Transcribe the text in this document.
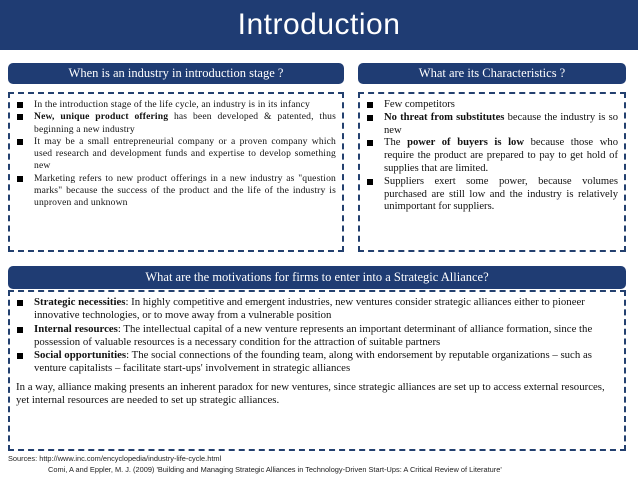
Introduction
When is an industry in introduction stage ?
In the introduction stage of the life cycle, an industry is in its infancy
New, unique product offering has been developed & patented, thus beginning a new industry
It may be a small entrepreneurial company or a proven company which used research and development funds and expertise to develop something new
Marketing refers to new product offerings in a new industry as "question marks" because the success of the product and the life of the industry is unproven and unknown
What are its Characteristics ?
Few competitors
No threat from substitutes because the industry is so new
The power of buyers is low because those who require the product are prepared to pay to get hold of supplies that are limited.
Suppliers exert some power, because volumes purchased are still low and the industry is relatively unimportant for suppliers.
What are the motivations for firms to enter into a Strategic Alliance?
Strategic necessities: In highly competitive and emergent industries, new ventures consider strategic alliances either to pioneer innovative technologies, or to move away from a vulnerable position
Internal resources: The intellectual capital of a new venture represents an important determinant of alliance formation, since the possession of valuable resources is a necessary condition for the attraction of suitable partners
Social opportunities: The social connections of the founding team, along with endorsement by reputable organizations – such as venture capitalists – facilitate start-ups' involvement in strategic alliances

In a way, alliance making presents an inherent paradox for new ventures, since strategic alliances are set up to access external resources, yet internal resources are needed to set up strategic alliances.

Sources: http://www.inc.com/encyclopedia/industry-life-cycle.html
Comi, A and Eppler, M. J. (2009) 'Building and Managing Strategic Alliances in Technology-Driven Start-Ups: A Critical Review of Literature'
